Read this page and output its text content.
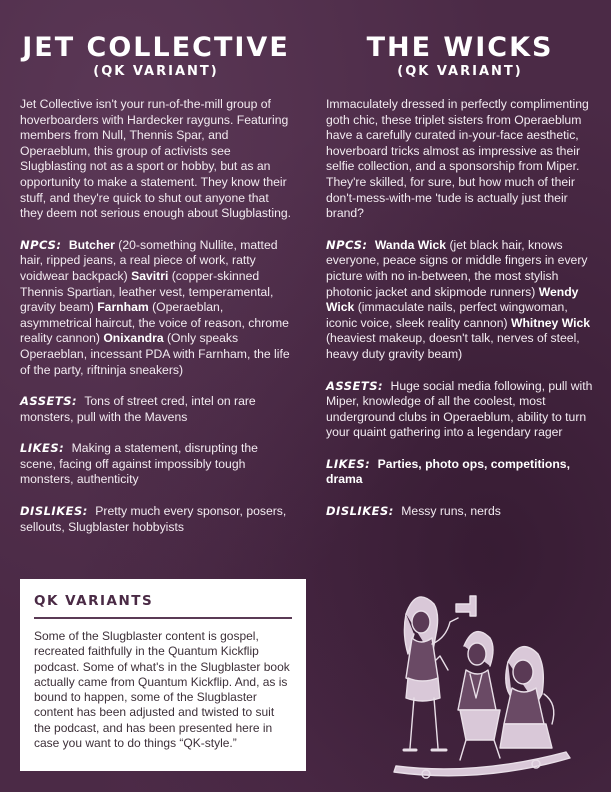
JET COLLECTIVE
(QK VARIANT)

Jet Collective isn't your run-of-the-mill group of hoverboarders with Hardecker rayguns. Featuring members from Null, Thennis Spar, and Operaeblum, this group of activists see Slugblasting not as a sport or hobby, but as an opportunity to make a statement. They know their stuff, and they're quick to shut out anyone that they deem not serious enough about Slugblasting.

NPCS: Butcher (20-something Nullite, matted hair, ripped jeans, a real piece of work, ratty voidwear backpack) Savitri (copper-skinned Thennis Spartian, leather vest, temperamental, gravity beam) Farnham (Operaeblan, asymmetrical haircut, the voice of reason, chrome reality cannon) Onixandra (Only speaks Operaeblan, incessant PDA with Farnham, the life of the party, riftninja sneakers)

ASSETS: Tons of street cred, intel on rare monsters, pull with the Mavens

LIKES: Making a statement, disrupting the scene, facing off against impossibly tough monsters, authenticity

DISLIKES: Pretty much every sponsor, posers, sellouts, Slugblaster hobbyists

THE WICKS
(QK VARIANT)

Immaculately dressed in perfectly complimenting goth chic, these triplet sisters from Operaeblum have a carefully curated in-your-face aesthetic, hoverboard tricks almost as impressive as their selfie collection, and a sponsorship from Miper. They're skilled, for sure, but how much of their don't-mess-with-me 'tude is actually just their brand?

NPCS: Wanda Wick (jet black hair, knows everyone, peace signs or middle fingers in every picture with no in-between, the most stylish photonic jacket and skipmode runners) Wendy Wick (immaculate nails, perfect wingwoman, iconic voice, sleek reality cannon) Whitney Wick (heaviest makeup, doesn't talk, nerves of steel, heavy duty gravity beam)

ASSETS: Huge social media following, pull with Miper, knowledge of all the coolest, most underground clubs in Operaeblum, ability to turn your quaint gathering into a legendary rager

LIKES: Parties, photo ops, competitions, drama

DISLIKES: Messy runs, nerds

QK VARIANTS

Some of the Slugblaster content is gospel, recreated faithfully in the Quantum Kickflip podcast. Some of what's in the Slugblaster book actually came from Quantum Kickflip. And, as is bound to happen, some of the Slugblaster content has been adjusted and twisted to suit the podcast, and has been presented here in case you want to do things “QK-style.”
